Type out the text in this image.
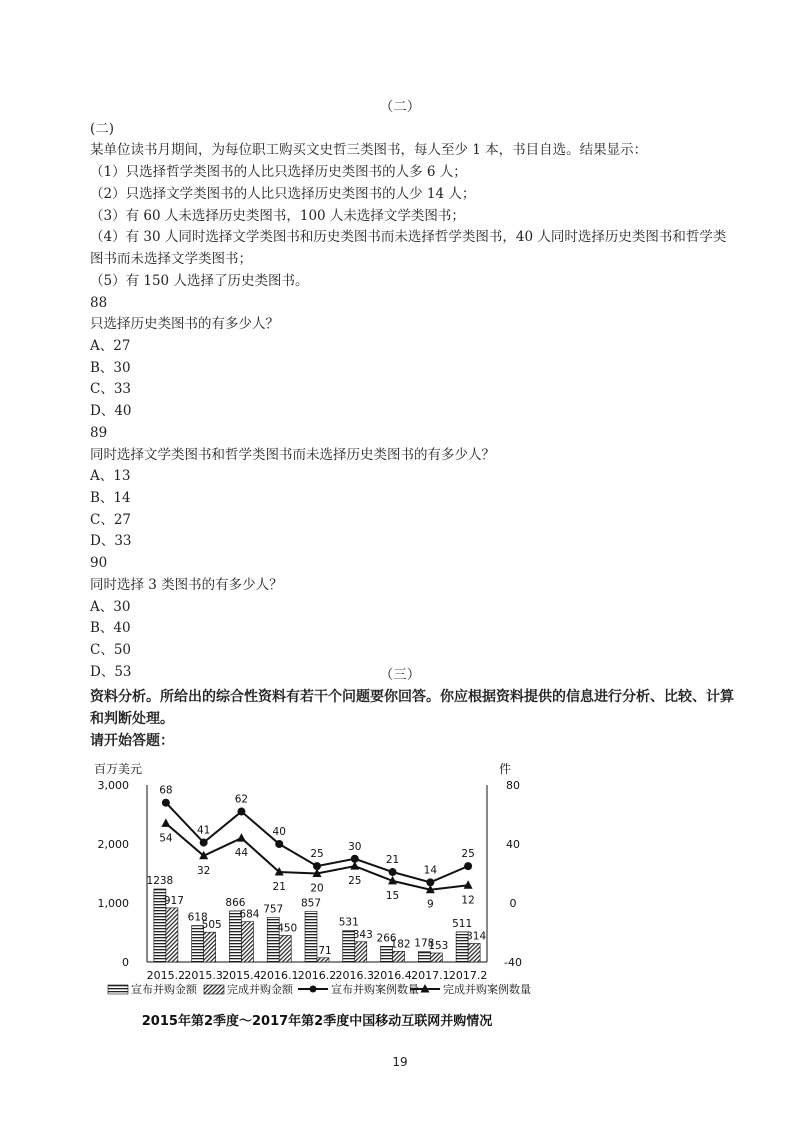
（二）
(二)
某单位读书月期间，为每位职工购买文史哲三类图书，每人至少 1 本，书目自选。结果显示：
（1）只选择哲学类图书的人比只选择历史类图书的人多 6 人；
（2）只选择文学类图书的人比只选择历史类图书的人少 14 人；
（3）有 60 人未选择历史类图书，100 人未选择文学类图书；
（4）有 30 人同时选择文学类图书和历史类图书而未选择哲学类图书，40 人同时选择历史类图书和哲学类
图书而未选择文学类图书；
（5）有 150 人选择了历史类图书。
88
只选择历史类图书的有多少人？
A、27
B、30
C、33
D、40
89
同时选择文学类图书和哲学类图书而未选择历史类图书的有多少人？
A、13
B、14
C、27
D、33
90
同时选择 3 类图书的有多少人？
A、30
B、40
C、50
D、53	（三）
资料分析。所给出的综合性资料有若干个问题要你回答。你应根据资料提供的信息进行分析、比较、计算
和判断处理。
请开始答题：
0
1,000
2,000
3,000
-40
0
40
80
百万美元	件
1238
917
2015.2
618
505
2015.3
866
684
2015.4
757
450
2016.1
857
71
2016.2
531
343
2016.3
266
182
2016.4
178
153
2017.1
511
314
2017.2
68
41
62
40
25
30
21
14
25
54
32
44
21 20
25
15
9	12
宣布并购金额	完成并购金额	宣布并购案例数量 完成并购案例数量
2015年第2季度～2017年第2季度中国移动互联网并购情况
19
